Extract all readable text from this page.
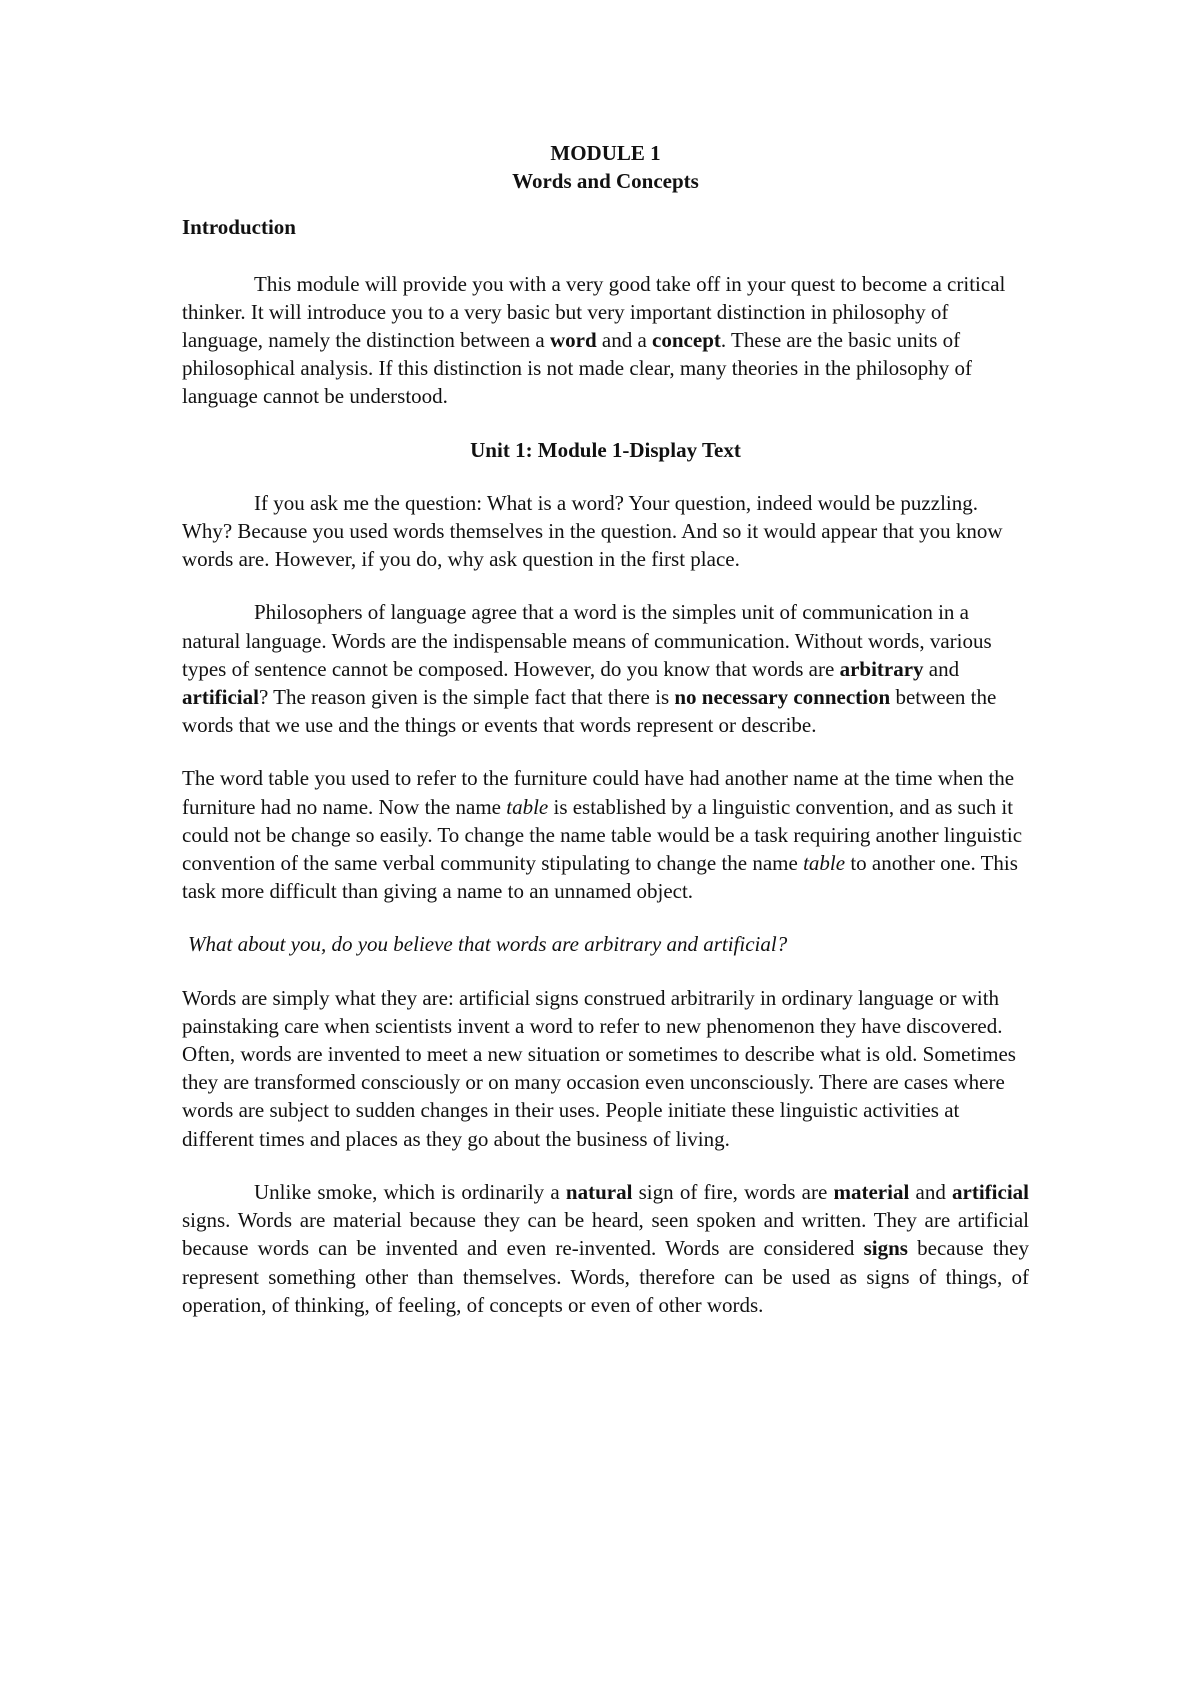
MODULE 1

Words and Concepts

Introduction

This module will provide you with a very good take off in your quest to become a critical thinker. It will introduce you to a very basic but very important distinction in philosophy of language, namely the distinction between a word and a concept. These are the basic units of philosophical analysis. If this distinction is not made clear, many theories in the philosophy of language cannot be understood.

Unit 1: Module 1-Display Text

If you ask me the question: What is a word? Your question, indeed would be puzzling. Why? Because you used words themselves in the question. And so it would appear that you know words are. However, if you do, why ask question in the first place.

Philosophers of language agree that a word is the simples unit of communication in a natural language. Words are the indispensable means of communication. Without words, various types of sentence cannot be composed. However, do you know that words are arbitrary and artificial? The reason given is the simple fact that there is no necessary connection between the words that we use and the things or events that words represent or describe.

The word table you used to refer to the furniture could have had another name at the time when the furniture had no name. Now the name table is established by a linguistic convention, and as such it could not be change so easily. To change the name table would be a task requiring another linguistic convention of the same verbal community stipulating to change the name table to another one. This task more difficult than giving a name to an unnamed object.

What about you, do you believe that words are arbitrary and artificial?

Words are simply what they are: artificial signs construed arbitrarily in ordinary language or with painstaking care when scientists invent a word to refer to new phenomenon they have discovered. Often, words are invented to meet a new situation or sometimes to describe what is old. Sometimes they are transformed consciously or on many occasion even unconsciously. There are cases where words are subject to sudden changes in their uses. People initiate these linguistic activities at different times and places as they go about the business of living.

Unlike smoke, which is ordinarily a natural sign of fire, words are material and artificial signs. Words are material because they can be heard, seen spoken and written. They are artificial because words can be invented and even re-invented. Words are considered signs because they represent something other than themselves. Words, therefore can be used as signs of things, of operation, of thinking, of feeling, of concepts or even of other words.
